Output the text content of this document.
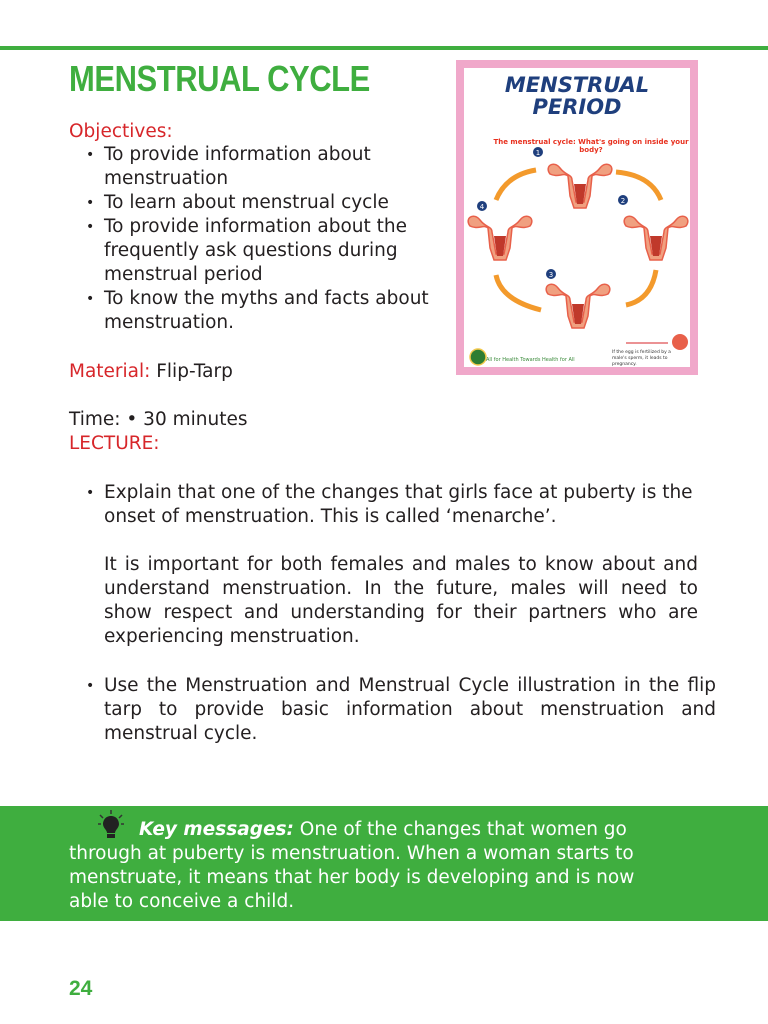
MENSTRUAL CYCLE
Objectives:
• To provide information about menstruation
• To learn about menstrual cycle
• To provide information about the frequently ask questions during menstrual period
• To know the myths and facts about menstruation.
Material: Flip-Tarp
Time: • 30 minutes
LECTURE:
• Explain that one of the changes that girls face at puberty is the onset of menstruation. This is called ‘menarche’.
It is important for both females and males to know about and understand menstruation. In the future, males will need to show respect and understanding for their partners who are experiencing menstruation.
• Use the Menstruation and Menstrual Cycle illustration in the flip tarp to provide basic information about menstruation and menstrual cycle.
MENSTRUAL
PERIOD
The menstrual cycle: What's going on inside your body?
1
2
3
4
All for Health Towards Health for All
If the egg is fertilized by a male's sperm, it leads to pregnancy.
Key messages: One of the changes that women go through at puberty is menstruation. When a woman starts to menstruate, it means that her body is developing and is now able to conceive a child.
24
